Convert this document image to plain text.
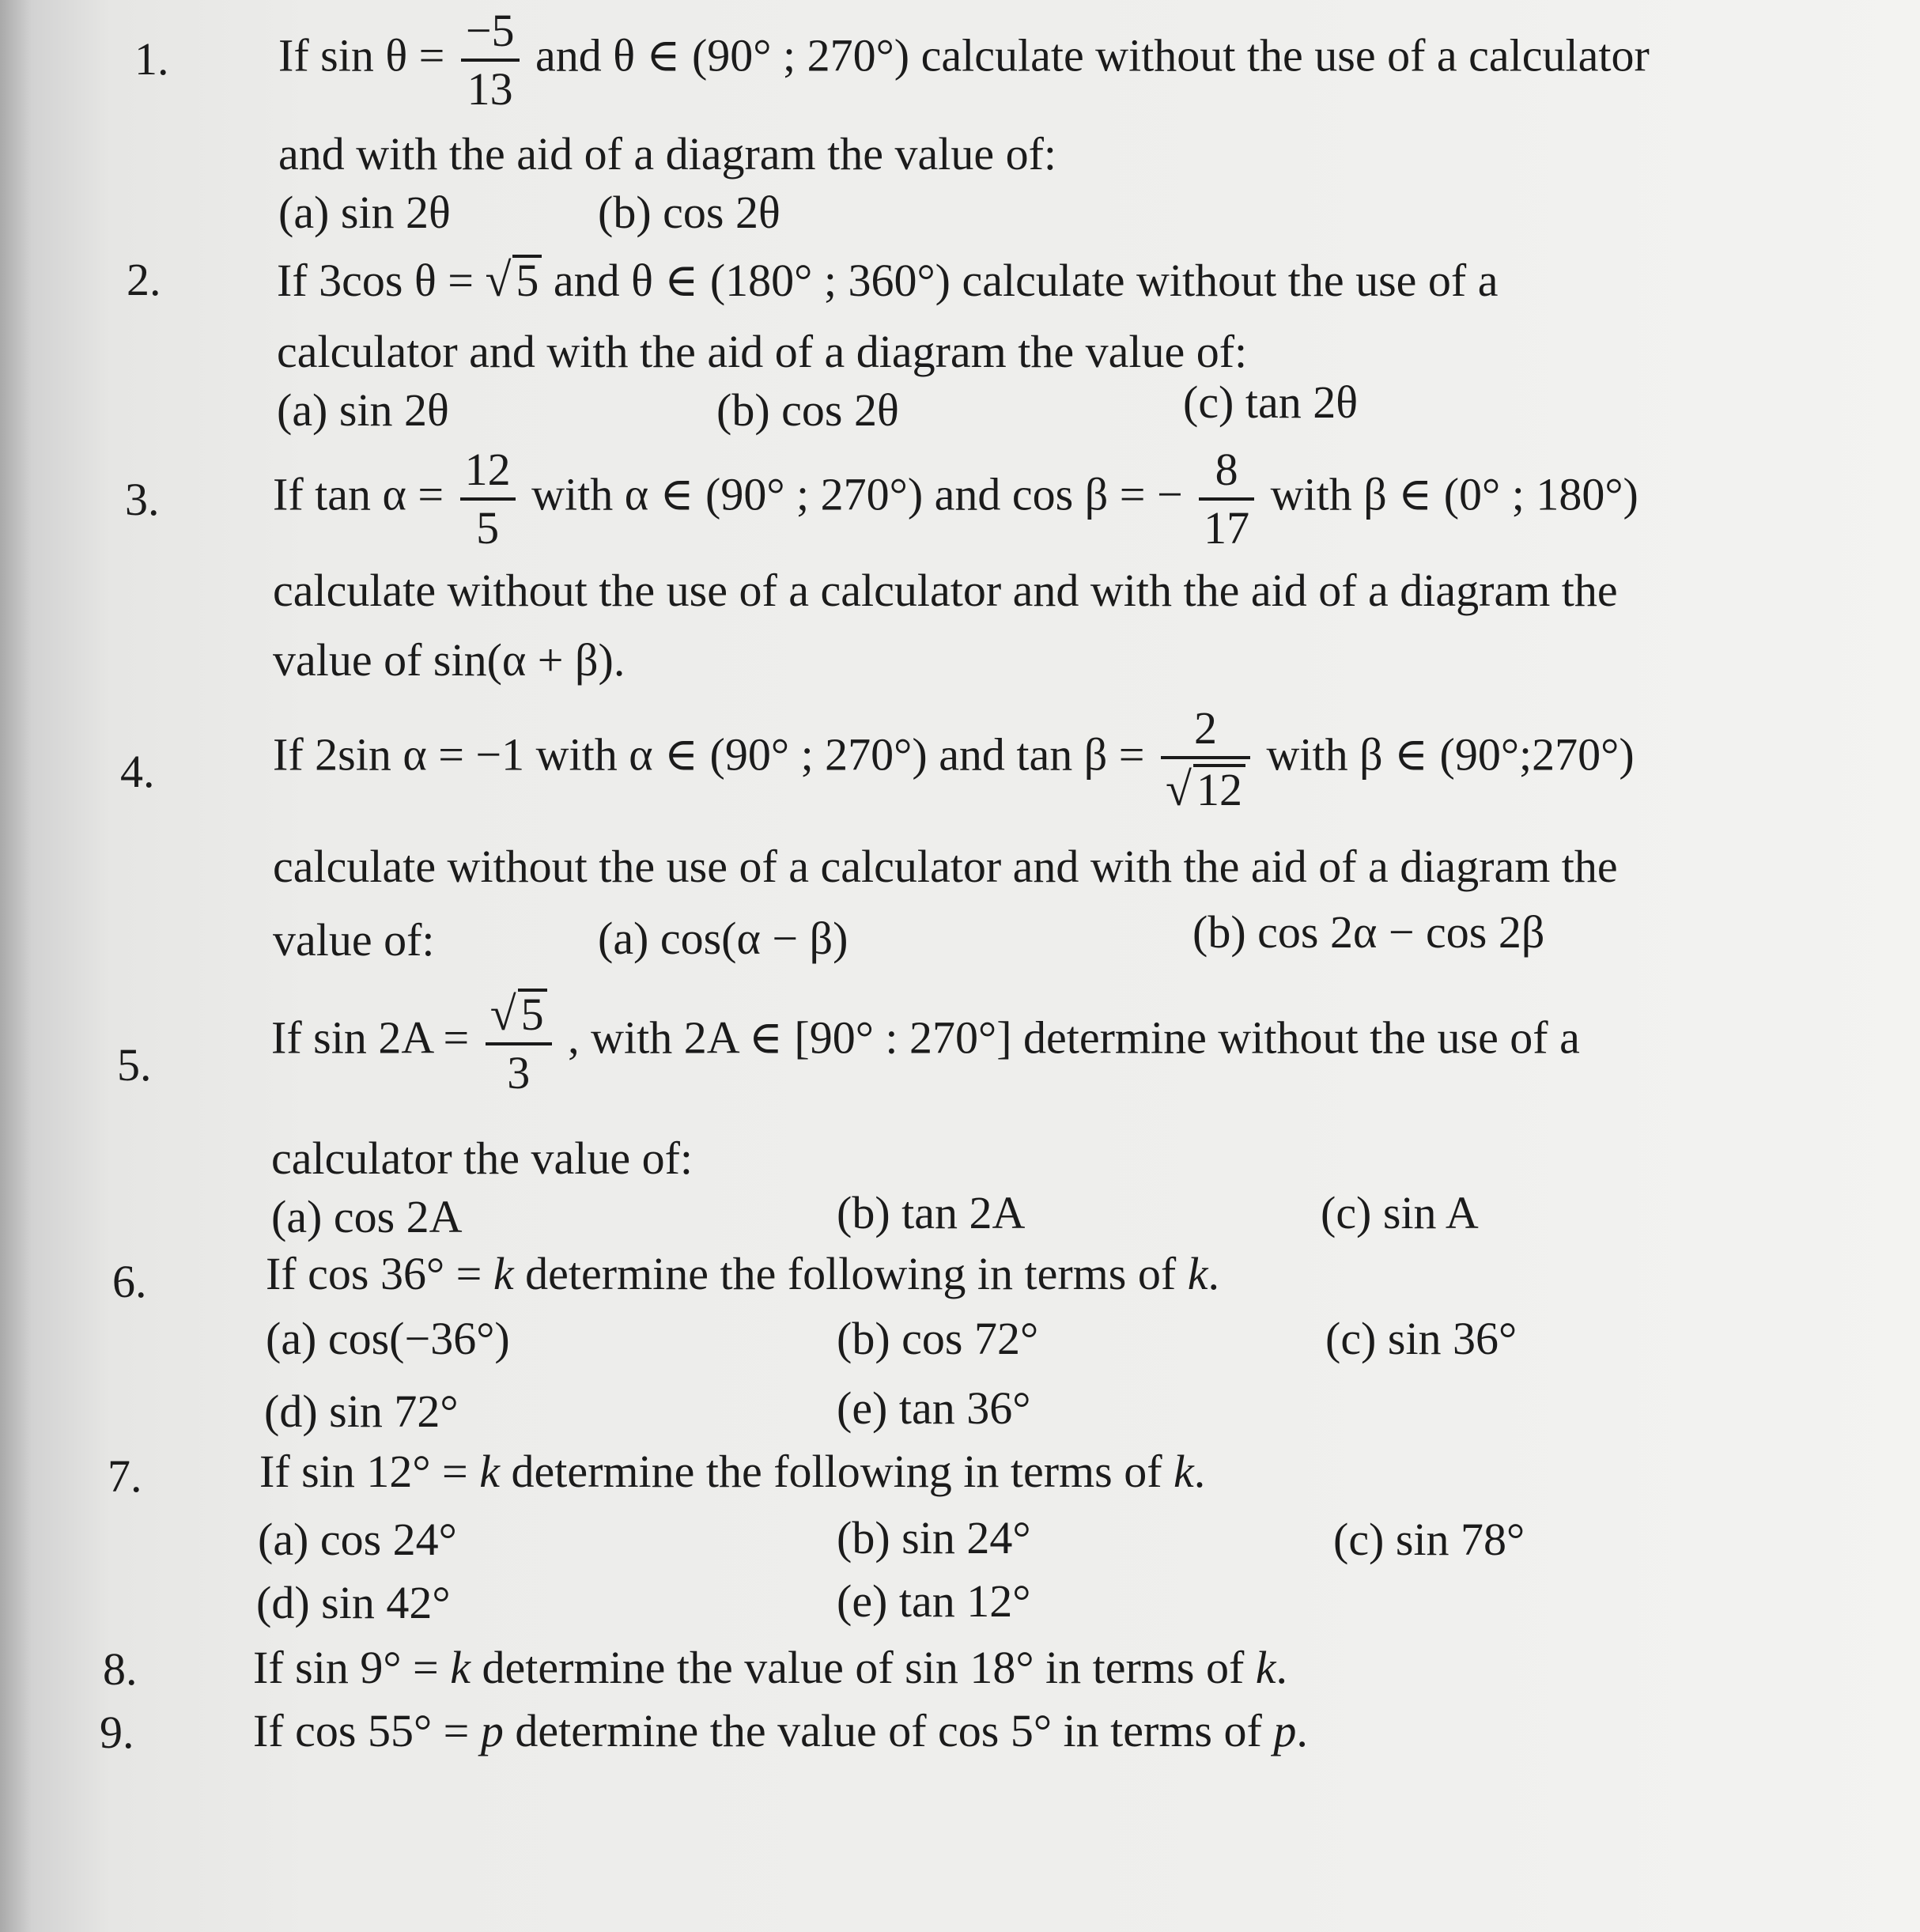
1. If $\sin \theta = \frac{-5}{13}$ and θ ∈ (90° ; 270°) calculate without the use of a calculator
and with the aid of a diagram the value of:
(a) sin 2θ	(b) cos 2θ
2.	If 3cos θ = √ 5 and θ ∈ (180° ; 360°) calculate without the use of a
calculator and with the aid of a diagram the value of:
(a) sin 2θ	(b) cos 2θ	(c) tan 2θ
3. If $\tan \alpha = \frac{12}{5}$ with α ∈ (90° ; 270°) and cos β = − $\frac{8}{17}$ with β ∈ (0° ; 180°)
calculate without the use of a calculator and with the aid of a diagram the
value of sin(α + β).
4.	If 2sin α = −1 with α ∈ (90° ; 270°) and $\tan \beta = \frac{2}{√ 12}$ with β ∈ (90°;270°)
calculate without the use of a calculator and with the aid of a diagram the
value of:	(a) cos(α − β)	(b) cos 2α − cos 2β
5.
If $\sin 2A = \frac{√ 5}{3}$ , with 2A ∈ [90° : 270°] determine without the use of a
calculator the value of:
(a) cos 2A	(b) tan 2A	(c) sin A
6.	If cos 36° = k determine the following in terms of k.
(a) cos(−36°)	(b) cos 72°	(c) sin 36°
(d) sin 72°	(e) tan 36°
7.	If sin 12° = k determine the following in terms of k.
(a) cos 24°	(b) sin 24°	(c) sin 78°
(d) sin 42°	(e) tan 12°
8.	If sin 9° = k determine the value of sin 18° in terms of k.
9.	If cos 55° = p determine the value of cos 5° in terms of p.
